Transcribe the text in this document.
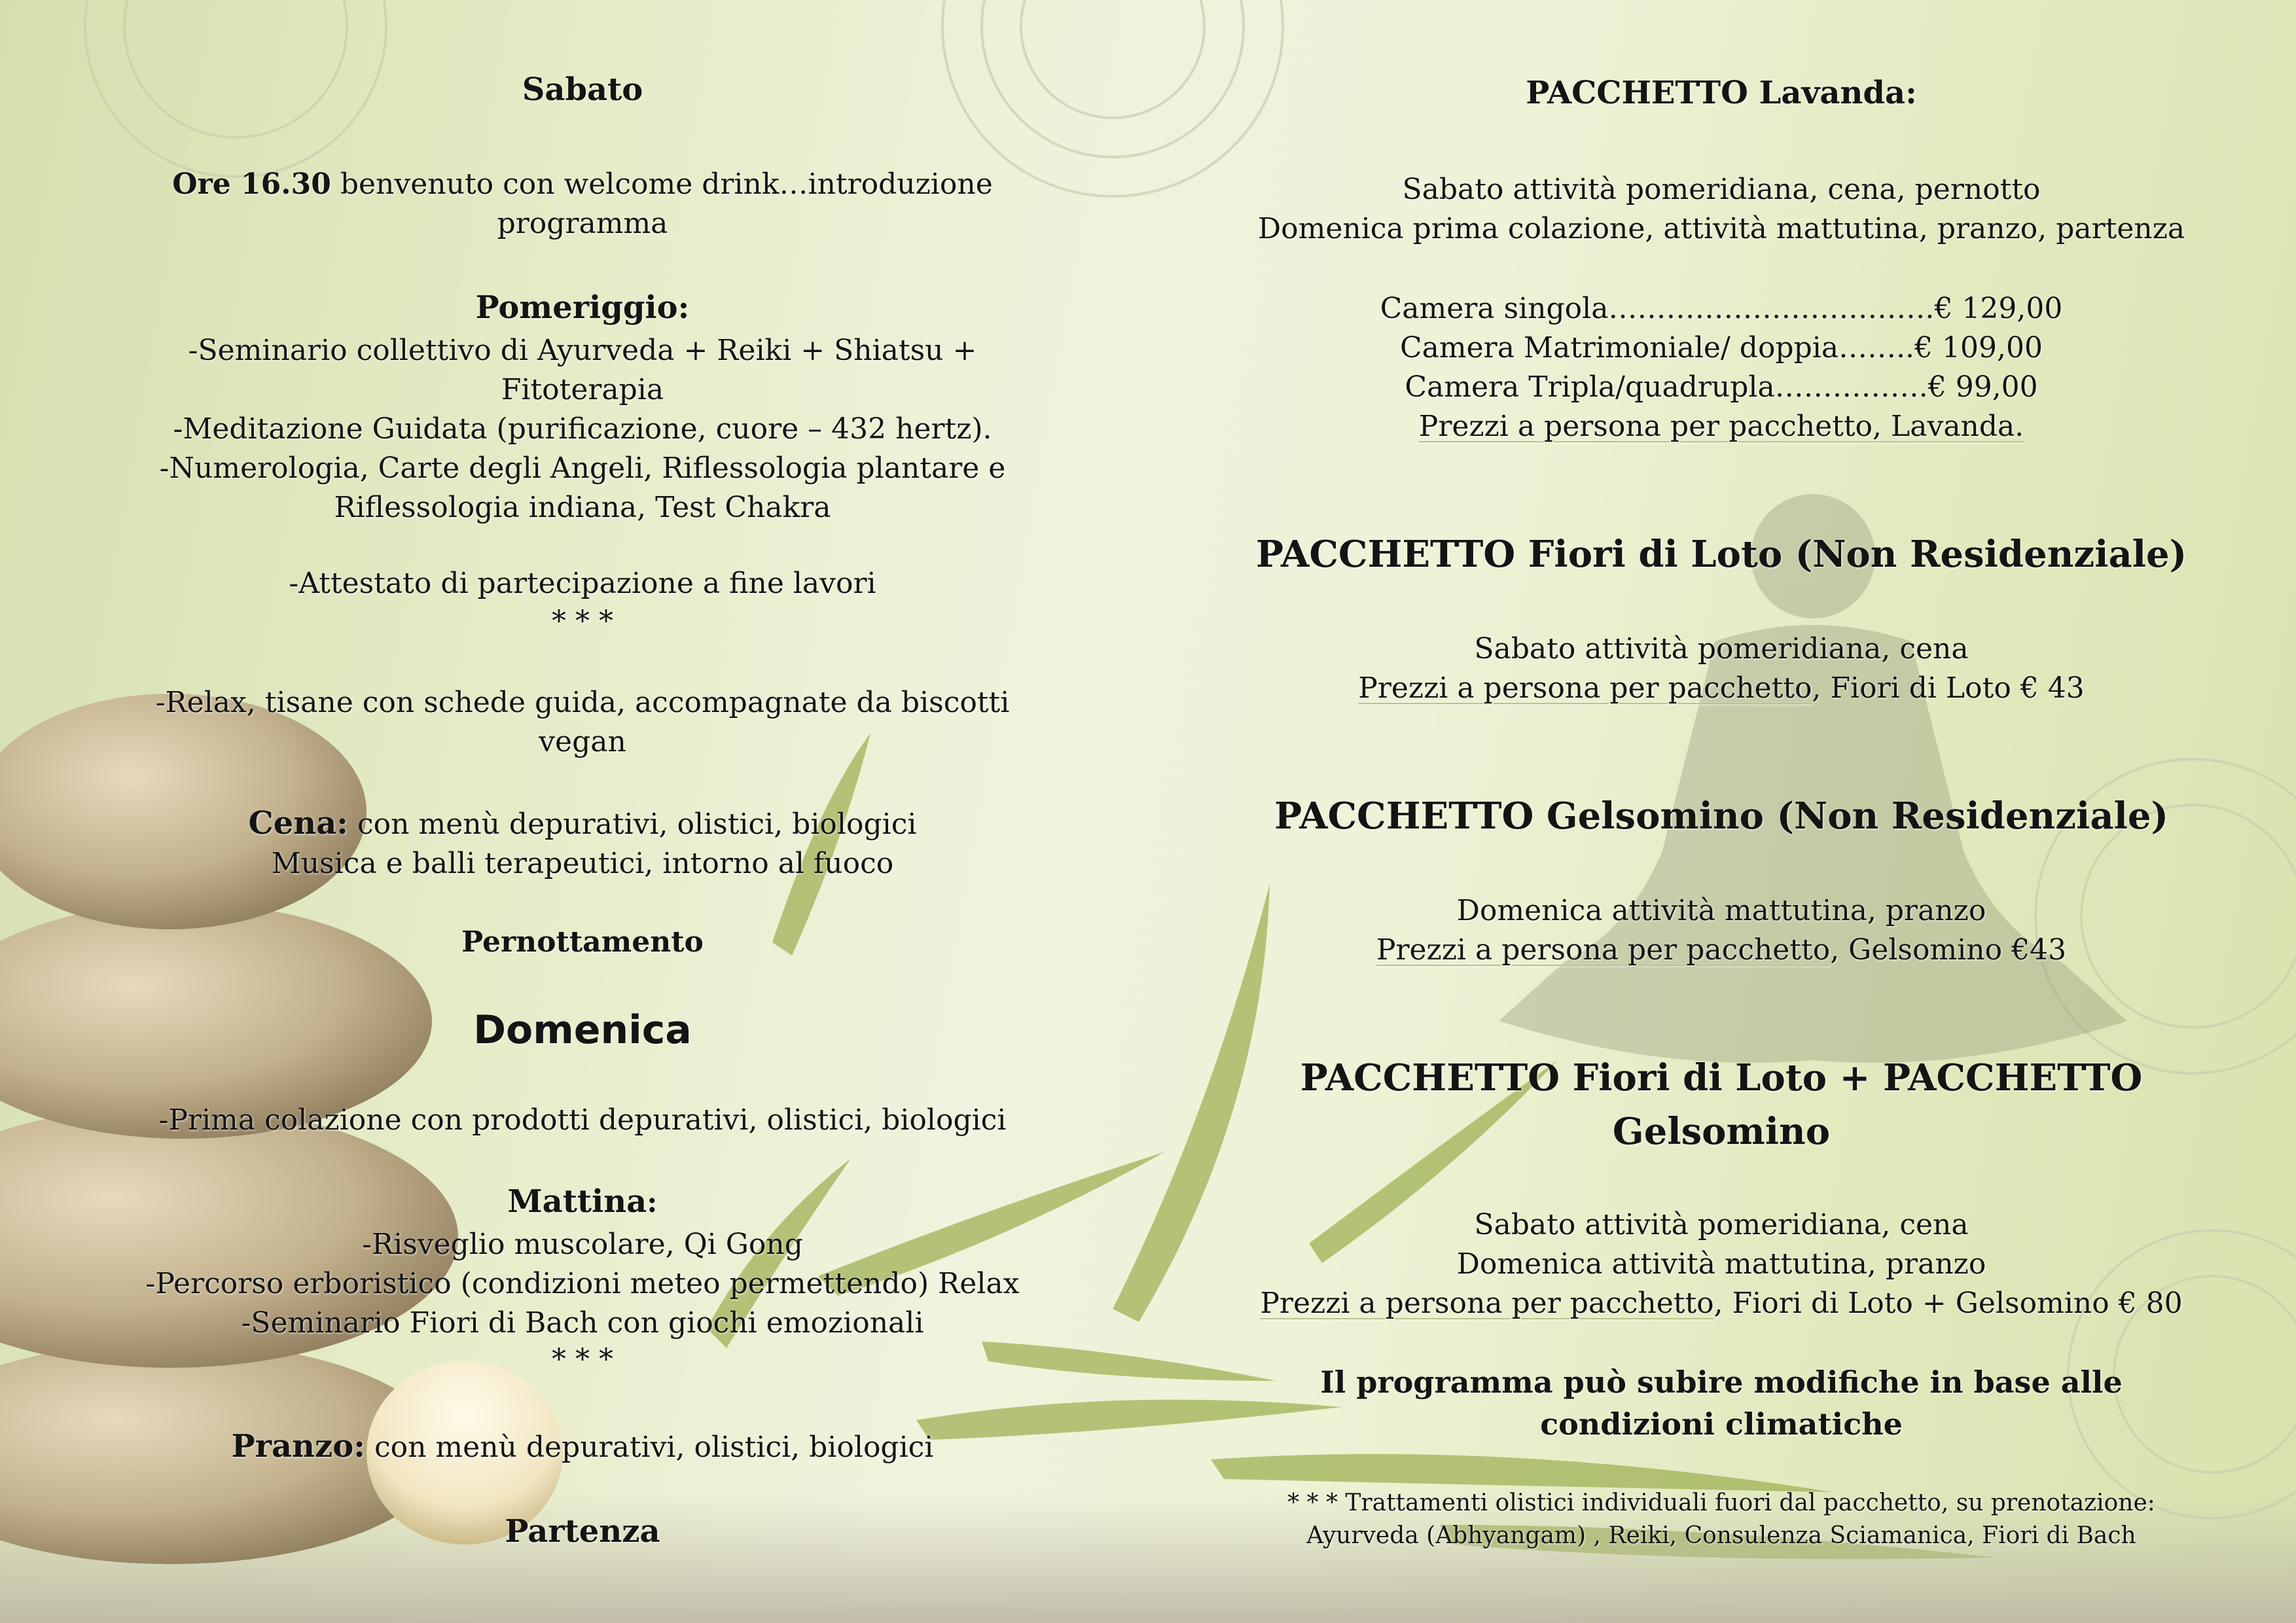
Sabato

Ore 16.30 benvenuto con welcome drink…introduzione

programma

Pomeriggio:

-Seminario collettivo di Ayurveda + Reiki + Shiatsu +

Fitoterapia

-Meditazione Guidata (purificazione, cuore – 432 hertz).

-Numerologia, Carte degli Angeli, Riflessologia plantare e

Riflessologia indiana, Test Chakra

-Attestato di partecipazione a fine lavori

* * *

-Relax, tisane con schede guida, accompagnate da biscotti

vegan

Cena: con menù depurativi, olistici, biologici

Musica e balli terapeutici, intorno al fuoco

Pernottamento

Domenica

-Prima colazione con prodotti depurativi, olistici, biologici

Mattina:

-Risveglio muscolare, Qi Gong

-Percorso erboristico (condizioni meteo permettendo) Relax

-Seminario Fiori di Bach con giochi emozionali

* * *

Pranzo: con menù depurativi, olistici, biologici

Partenza

PACCHETTO Lavanda:

Sabato attività pomeridiana, cena, pernotto

Domenica prima colazione, attività mattutina, pranzo, partenza

Camera singola…………………………….€ 129,00

Camera Matrimoniale/ doppia……..€ 109,00

Camera Tripla/quadrupla…………….€ 99,00

Prezzi a persona per pacchetto, Lavanda.

PACCHETTO Fiori di Loto (Non Residenziale)

Sabato attività pomeridiana, cena

Prezzi a persona per pacchetto, Fiori di Loto € 43

PACCHETTO Gelsomino (Non Residenziale)

Domenica attività mattutina, pranzo

Prezzi a persona per pacchetto, Gelsomino €43

PACCHETTO Fiori di Loto + PACCHETTO
Gelsomino

Sabato attività pomeridiana, cena

Domenica attività mattutina, pranzo

Prezzi a persona per pacchetto, Fiori di Loto + Gelsomino € 80

Il programma può subire modifiche in base alle

condizioni climatiche

* * * Trattamenti olistici individuali fuori dal pacchetto, su prenotazione:

Ayurveda (Abhyangam) , Reiki, Consulenza Sciamanica, Fiori di Bach
